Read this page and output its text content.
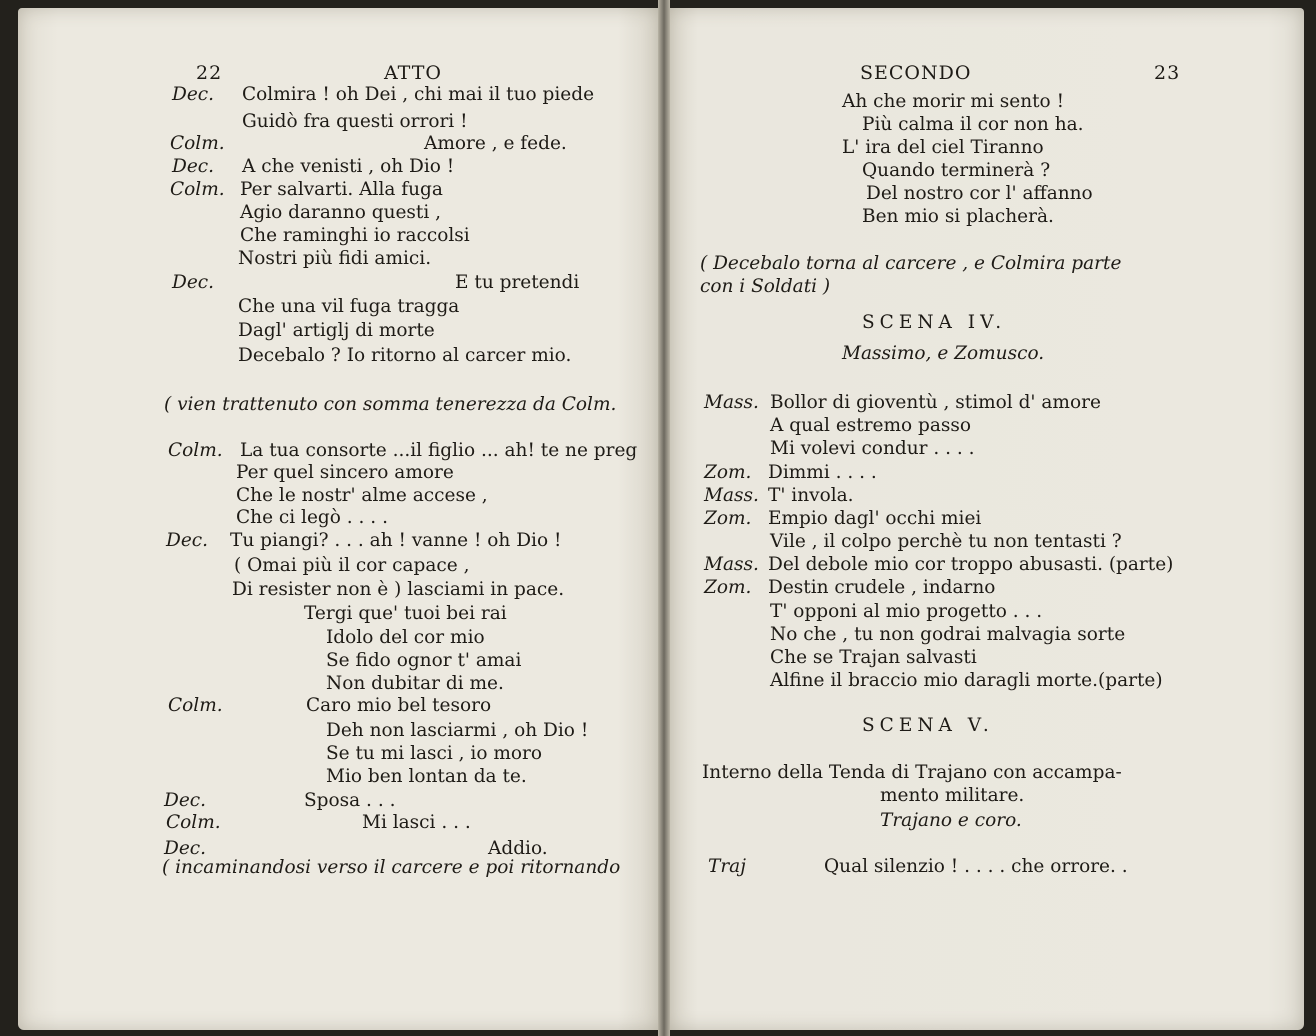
22	ATTO	SECONDO	23
Dec. Colmira ! oh Dei , chi mai il tuo piede
Guidò fra questi orrori !
Colm.	Amore , e fede.
Dec. A che venisti , oh Dio !
Colm. Per salvarti. Alla fuga
Agio daranno questi ,
Che raminghi io raccolsi
Nostri più fidi amici.
Dec.	E tu pretendi
Che una vil fuga tragga
Dagl' artiglj di morte
Decebalo ? Io ritorno al carcer mio.
( vien trattenuto con somma tenerezza da Colm.
Colm. La tua consorte ...il figlio ... ah! te ne preg
Per quel sincero amore
Che le nostr' alme accese ,
Che ci legò . . . .
Dec. Tu piangi? . . . ah ! vanne ! oh Dio !
( Omai più il cor capace ,
Di resister non è ) lasciami in pace.
Tergi que' tuoi bei rai
Idolo del cor mio
Se fido ognor t' amai
Non dubitar di me.
Colm.	Caro mio bel tesoro
Deh non lasciarmi , oh Dio !
Se tu mi lasci , io moro
Mio ben lontan da te.
Dec.	Sposa . . .
Colm.	Mi lasci . . .
Dec.	Addio.
( incaminandosi verso il carcere e poi ritornando
Ah che morir mi sento !
Più calma il cor non ha.
L' ira del ciel Tiranno
Quando terminerà ?
Del nostro cor l' affanno
Ben mio si placherà.
( Decebalo torna al carcere , e Colmira parte
con i Soldati )
SCENA IV.
Massimo, e Zomusco.
Mass. Bollor di gioventù , stimol d' amore
A qual estremo passo
Mi volevi condur . . . .
Zom. Dimmi . . . .
Mass. T' invola.
Zom. Empio dagl' occhi miei
Vile , il colpo perchè tu non tentasti ?
Mass. Del debole mio cor troppo abusasti. (parte)
Zom. Destin crudele , indarno
T' opponi al mio progetto . . .
No che , tu non godrai malvagia sorte
Che se Trajan salvasti
Alfine il braccio mio daragli morte.(parte)
SCENA V.
Interno della Tenda di Trajano con accampa-
mento militare.
Trajano e coro.
Traj	Qual silenzio ! . . . . che orrore. .
